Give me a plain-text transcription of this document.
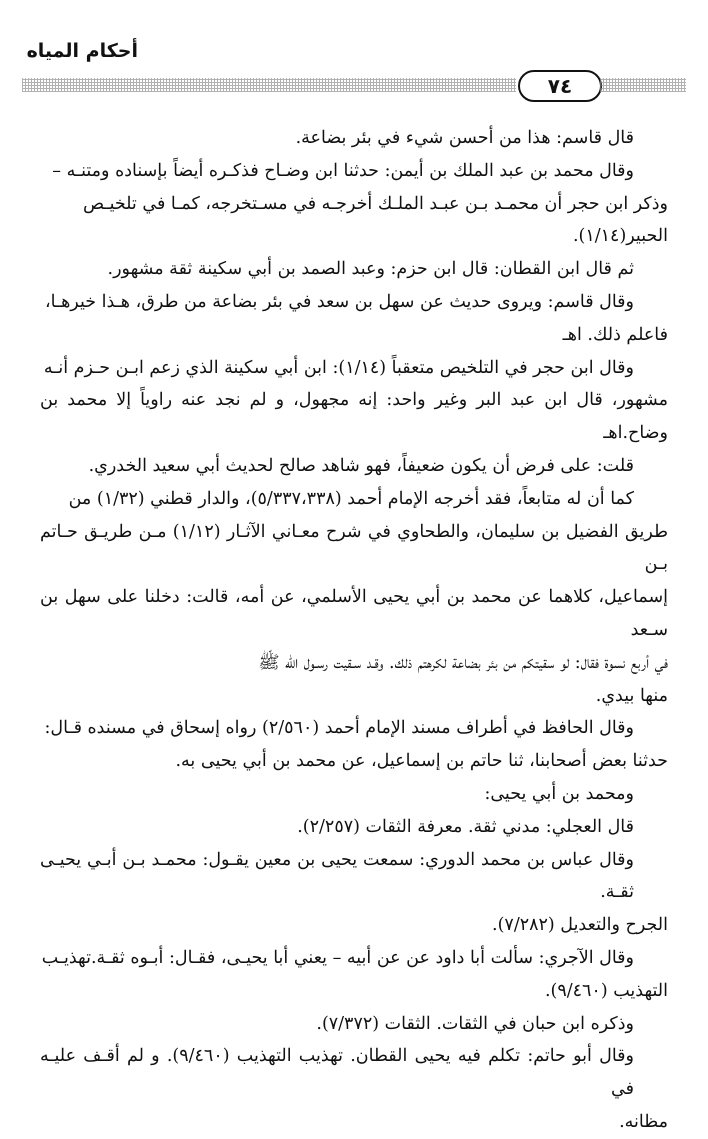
أحكام المياه
٧٤

قال قاسم: هذا من أحسن شيء في بئر بضاعة.

وقال محمد بن عبد الملك بن أيمن: حدثنا ابن وضـاح فذكـره أيضاً بإسناده ومتنـه –

وذكر ابن حجر أن محمـد بـن عبـد الملـك أخرجـه في مسـتخرجه، كمـا في تلخيـص

الحبير(١/١٤).

ثم قال ابن القطان: قال ابن حزم: وعبد الصمد بن أبي سكينة ثقة مشهور.

وقال قاسم: ويروى حديث عن سهل بن سعد في بئر بضاعة من طرق، هـذا خيرهـا،

فاعلم ذلك. اهـ

وقال ابن حجر في التلخيص متعقباً (١/١٤): ابن أبي سكينة الذي زعم ابـن حـزم أنـه

مشهور، قال ابن عبد البر وغير واحد: إنه مجهول، و لم نجد عنه راوياً إلا محمد بن وضاح.اهـ

قلت: على فرض أن يكون ضعيفاً، فهو شاهد صالح لحديث أبي سعيد الخدري.

كما أن له متابعاً، فقد أخرجه الإمام أحمد (٥/٣٣٧،٣٣٨)، والدار قطني (١/٣٢) من

طريق الفضيل بن سليمان، والطحاوي في شرح معـاني الآثـار (١/١٢) مـن طريـق حـاتم بـن

إسماعيل، كلاهما عن محمد بن أبي يحيى الأسلمي، عن أمه، قالت: دخلنا على سهل بن سـعد

في أربع نسوة فقال: لو سقيتكم من بئر بضاعة لكرهتم ذلك. وقـد سـقيت رسـول الله ﷺ

منها بيدي.

وقال الحافظ في أطراف مسند الإمام أحمد (٢/٥٦٠) رواه إسحاق في مسنده قـال:

حدثنا بعض أصحابنا، ثنا حاتم بن إسماعيل، عن محمد بن أبي يحيى به.

ومحمد بن أبي يحيى:

قال العجلي: مدني ثقة. معرفة الثقات (٢/٢٥٧).

وقال عباس بن محمد الدوري: سمعت يحيى بن معين يقـول: محمـد بـن أبـي يحيـى ثقـة.

الجرح والتعديل (٧/٢٨٢).

وقال الآجري: سألت أبا داود عن عن أبيه – يعني أبا يحيـى، فقـال: أبـوه ثقـة.تهذيـب

التهذيب (٩/٤٦٠).

وذكره ابن حبان في الثقات. الثقات (٧/٣٧٢).

وقال أبو حاتم: تكلم فيه يحيى القطان. تهذيب التهذيب (٩/٤٦٠). و لم أقـف عليـه في

مظانه.
